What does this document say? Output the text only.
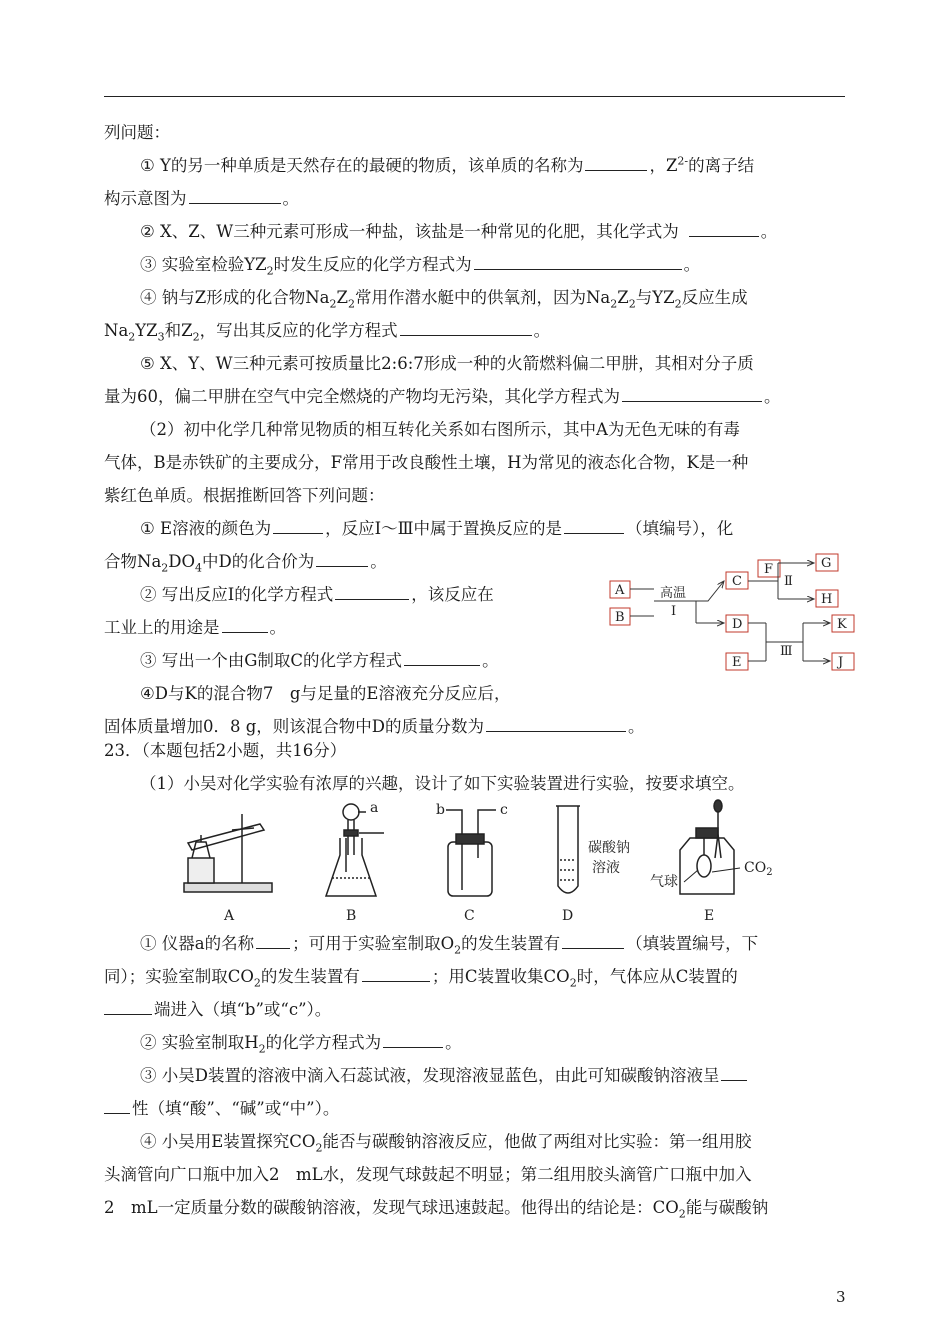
列问题：
① Y的另一种单质是天然存在的最硬的物质，该单质的名称为	，$Z^{2-}$的离子结
构示意图为	。
② X、Z、W三种元素可形成一种盐，该盐是一种常见的化肥，其化学式为	。
③ 实验室检验$YZ_2$时发生反应的化学方程式为	。
④ 钠与Z形成的化合物$Na_2Z_2$常用作潜水艇中的供氧剂，因为$Na_2Z_2$与$YZ_2$反应生成
$Na_2YZ_3$和$Z_2$，写出其反应的化学方程式	。
⑤ X、Y、W三种元素可按质量比2:6:7形成一种的火箭燃料偏二甲肼，其相对分子质
量为60，偏二甲肼在空气中完全燃烧的产物均无污染，其化学方程式为	。
（2）初中化学几种常见物质的相互转化关系如右图所示，其中A为无色无味的有毒
气体，B是赤铁矿的主要成分，F常用于改良酸性土壤，H为常见的液态化合物，K是一种
紫红色单质。根据推断回答下列问题：
① E溶液的颜色为	，反应Ⅰ～Ⅲ中属于置换反应的是	（填编号），化
合物$Na_2DO_4$中D的化合价为	。
② 写出反应Ⅰ的化学方程式	，该反应在
工业上的用途是	。
③ 写出一个由G制取C的化学方程式	。
④D与K的混合物7　g与足量的E溶液充分反应后，
固体质量增加0．8 g，则该混合物中D的质量分数为	。
A
B
C
F	G
H
D
E
K
J
高温
Ⅰ
Ⅱ
Ⅲ
23．（本题包括2小题，共16分）
（1）小吴对化学实验有浓厚的兴趣，设计了如下实验装置进行实验，按要求填空。
A	B	C	D	E
a	b	c
碳酸钠
溶液
气球
$CO_2$
① 仪器a的名称 ；可用于实验室制取$O_2$的发生装置有	（填装置编号，下
同）；实验室制取$CO_2$的发生装置有	；用C装置收集$CO_2$时，气体应从C装置的
端进入（填“b”或“c”）。
② 实验室制取$H_2$的化学方程式为	。
③ 小吴D装置的溶液中滴入石蕊试液，发现溶液显蓝色，由此可知碳酸钠溶液呈
性（填“酸”、“碱”或“中”）。
④ 小吴用E装置探究$CO_2$能否与碳酸钠溶液反应，他做了两组对比实验：第一组用胶
头滴管向广口瓶中加入2　mL水，发现气球鼓起不明显；第二组用胶头滴管广口瓶中加入
2　mL一定质量分数的碳酸钠溶液，发现气球迅速鼓起。他得出的结论是：$CO_2$能与碳酸钠
3
